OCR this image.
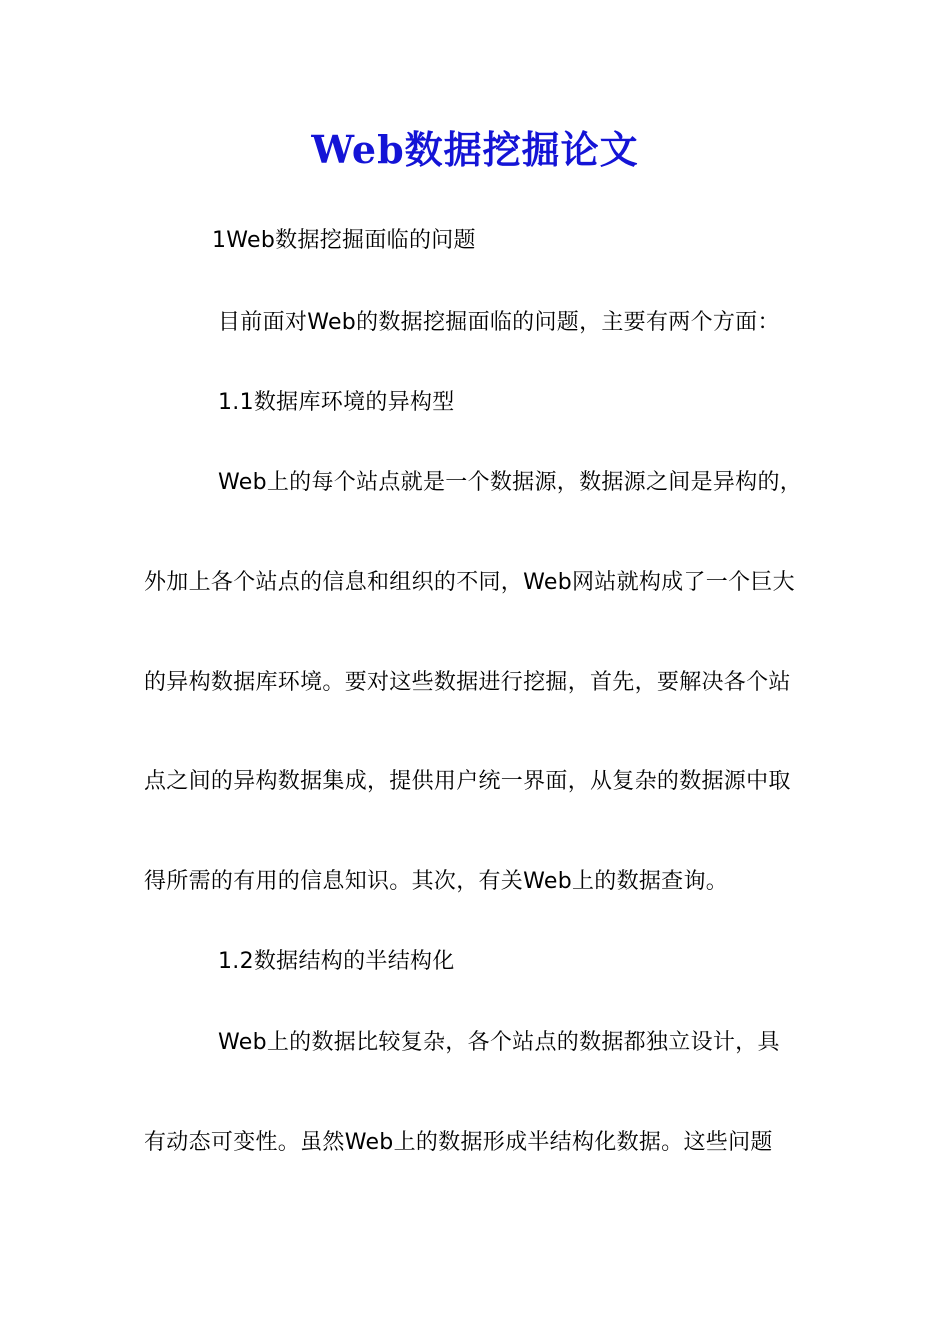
Web数据挖掘论文
1Web数据挖掘面临的问题
目前面对Web的数据挖掘面临的问题，主要有两个方面：
1.1数据库环境的异构型
Web上的每个站点就是一个数据源，数据源之间是异构的，
外加上各个站点的信息和组织的不同，Web网站就构成了一个巨大
的异构数据库环境。要对这些数据进行挖掘，首先，要解决各个站
点之间的异构数据集成，提供用户统一界面，从复杂的数据源中取
得所需的有用的信息知识。其次，有关Web上的数据查询。
1.2数据结构的半结构化
Web上的数据比较复杂，各个站点的数据都独立设计，具
有动态可变性。虽然Web上的数据形成半结构化数据。这些问题
